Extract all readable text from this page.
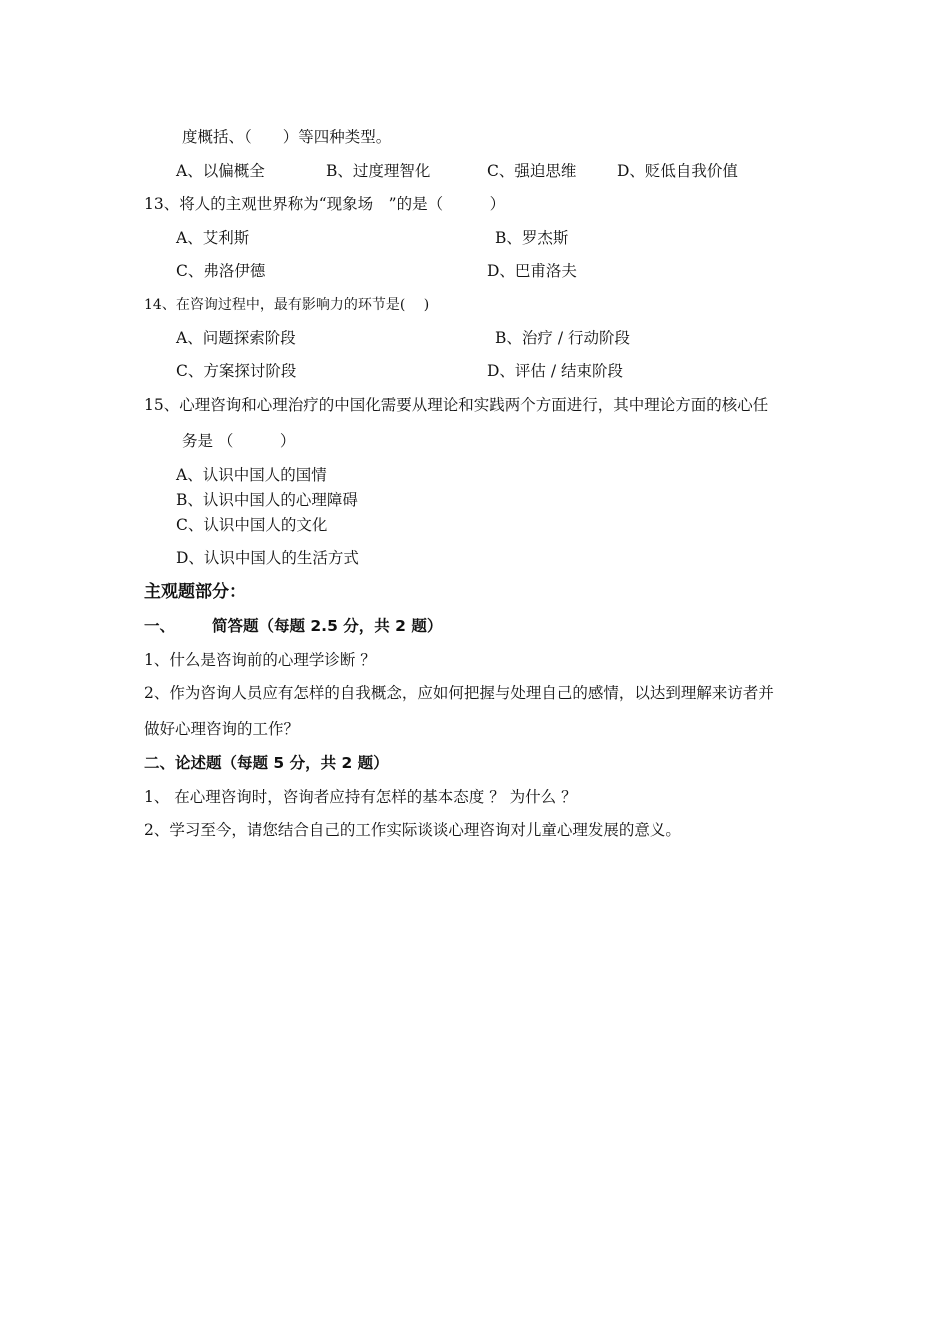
度概括、（　　）等四种类型。
A、以偏概全	B、过度理智化	C、强迫思维	D、贬低自我价值
13、将人的主观世界称为“现象场　”的是（　　　）
A、艾利斯	B、罗杰斯
C、弗洛伊德	D、巴甫洛夫
14、在咨询过程中，最有影响力的环节是(　 )
A、问题探索阶段	B、治疗 / 行动阶段
C、方案探讨阶段	D、评估 / 结束阶段
15、心理咨询和心理治疗的中国化需要从理论和实践两个方面进行，其中理论方面的核心任
务是 （　　　）
A、认识中国人的国情
B、认识中国人的心理障碍
C、认识中国人的文化
D、认识中国人的生活方式
主观题部分：
一、 简答题（每题 2.5 分，共 2 题）
1、什么是咨询前的心理学诊断 ？
2、作为咨询人员应有怎样的自我概念，应如何把握与处理自己的感情，以达到理解来访者并
做好心理咨询的工作？
二、论述题（每题 5 分，共 2 题）
1、 在心理咨询时，咨询者应持有怎样的基本态度 ？ 为什么 ？
2、学习至今，请您结合自己的工作实际谈谈心理咨询对儿童心理发展的意义。
